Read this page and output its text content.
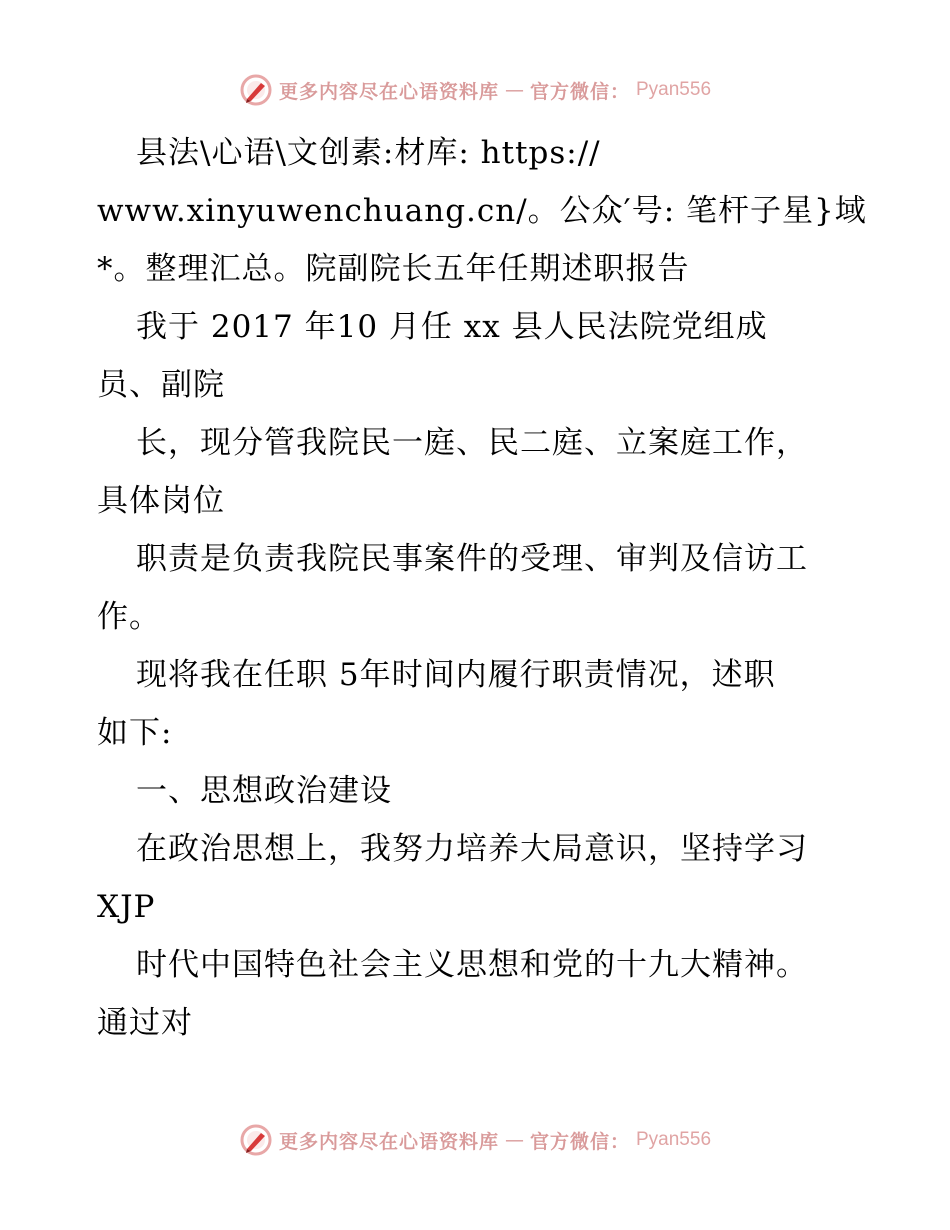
更多内容尽在心语资料库 — 官方微信： Pyan556
县法\心语\文创素:材库: https://
www.xinyuwenchuang.cn/。公众′号: 笔杆子星}域
*。整理汇总。院副院长五年任期述职报告
我于 2017 年10 月任 xx 县人民法院党组成
员、副院
长，现分管我院民一庭、民二庭、立案庭工作，
具体岗位
职责是负责我院民事案件的受理、审判及信访工
作。
现将我在任职 5年时间内履行职责情况，述职
如下:
一、思想政治建设
在政治思想上，我努力培养大局意识，坚持学习
XJP
时代中国特色社会主义思想和党的十九大精神。
通过对
更多内容尽在心语资料库 — 官方微信： Pyan556
